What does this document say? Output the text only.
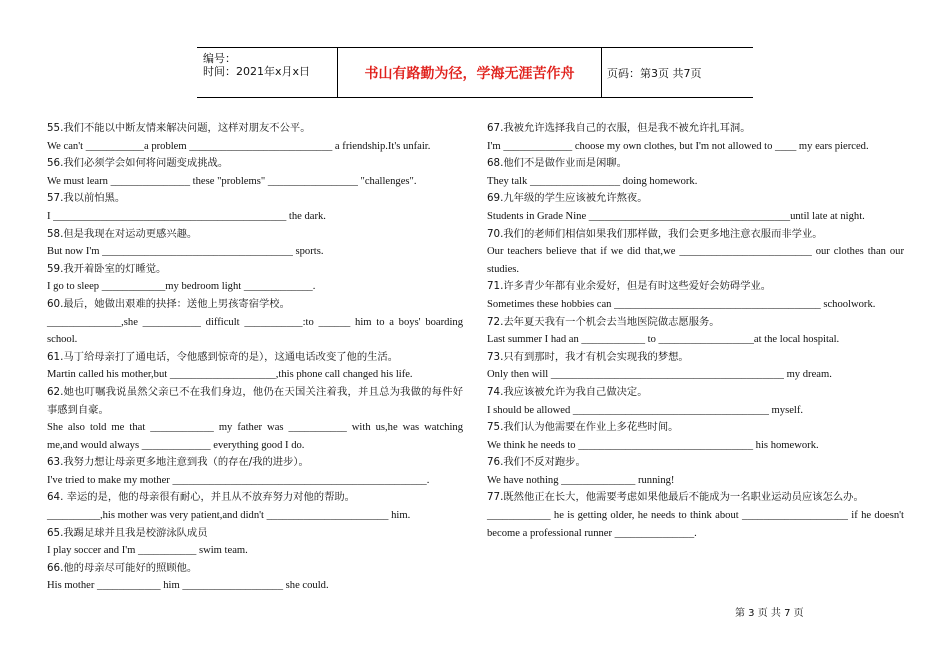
编号：
时间：2021年x月x日	书山有路勤为径，学海无涯苦作舟	页码：第3页 共7页
55.我们不能以中断友情来解决问题，这样对朋友不公平。
We can't ___________a problem ___________________________ a friendship.It's unfair.
56.我们必须学会如何将问题变成挑战。
We must learn _______________ these "problems" _________________ "challenges".
57.我以前怕黑。
I ____________________________________________ the dark.
58.但是我现在对运动更感兴趣。
But now I'm ____________________________________ sports.
59.我开着卧室的灯睡觉。
I go to sleep ____________my bedroom light _____________.
60.最后，她做出艰难的抉择：送他上男孩寄宿学校。
______________,she ___________ difficult ___________:to ______ him to a boys' boarding school.
61.马丁给母亲打了通电话，令他感到惊奇的是），这通电话改变了他的生活。
Martin called his mother,but ____________________,this phone call changed his life.
62.她也叮嘱我说虽然父亲已不在我们身边，他仍在天国关注着我，并且总为我做的每件好事感到自豪。
She also told me that ____________ my father was ___________ with us,he was watching me,and would always _____________ everything good I do.
63.我努力想让母亲更多地注意到我（的存在/我的进步）。
I've tried to make my mother ________________________________________________.
64. 幸运的是，他的母亲很有耐心，并且从不放弃努力对他的帮助。
__________,his mother was very patient,and didn't _______________________ him.
65.我踢足球并且我是校游泳队成员
I play soccer and I'm ___________ swim team.
66.他的母亲尽可能好的照顾他。
His mother ____________ him ___________________ she could.
67.我被允许选择我自己的衣服，但是我不被允许扎耳洞。
I'm _____________ choose my own clothes, but I'm not allowed to ____ my ears pierced.
68.他们不是做作业而是闲聊。
They talk _________________ doing homework.
69.九年级的学生应该被允许熬夜。
Students in Grade Nine ______________________________________until late at night.
70.我们的老师们相信如果我们那样做，我们会更多地注意衣服而非学业。
Our teachers believe that if we did that,we _________________________ our clothes than our studies.
71.许多青少年都有业余爱好，但是有时这些爱好会妨碍学业。
Sometimes these hobbies can _______________________________________ schoolwork.
72.去年夏天我有一个机会去当地医院做志愿服务。
Last summer I had an ____________ to __________________at the local hospital.
73.只有到那时，我才有机会实现我的梦想。
Only then will ____________________________________________ my dream.
74.我应该被允许为我自己做决定。
I should be allowed _____________________________________ myself.
75.我们认为他需要在作业上多花些时间。
We think he needs to _________________________________ his homework.
76.我们不反对跑步。
We have nothing ______________ running!
77.既然他正在长大，他需要考虑如果他最后不能成为一名职业运动员应该怎么办。
____________ he is getting older, he needs to think about ____________________ if he doesn't become a professional runner _______________.
第 3 页 共 7 页
